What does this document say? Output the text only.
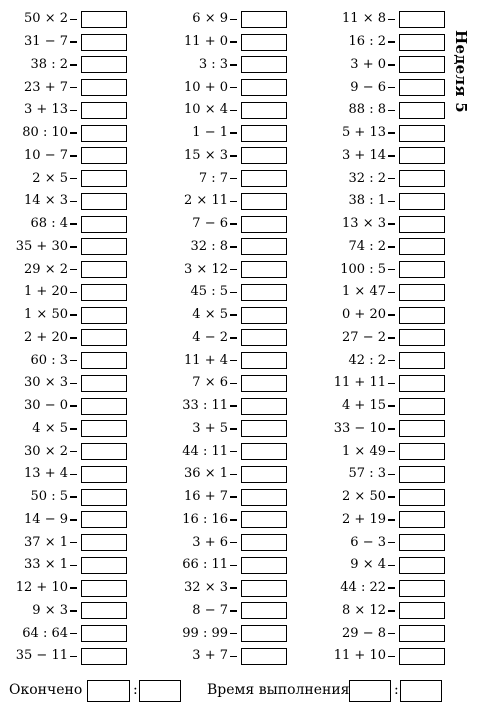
Неделя 5
50 × 2
31 − 7
38 : 2
23 + 7
3 + 13
80 : 10
10 − 7
2 × 5
14 × 3
68 : 4
35 + 30
29 × 2
1 + 20
1 × 50
2 + 20
60 : 3
30 × 3
30 − 0
4 × 5
30 × 2
13 + 4
50 : 5
14 − 9
37 × 1
33 × 1
12 + 10
9 × 3
64 : 64
35 − 11
6 × 9
11 + 0
3 : 3
10 + 0
10 × 4
1 − 1
15 × 3
7 : 7
2 × 11
7 − 6
32 : 8
3 × 12
45 : 5
4 × 5
4 − 2
11 + 4
7 × 6
33 : 11
3 + 5
44 : 11
36 × 1
16 + 7
16 : 16
3 + 6
66 : 11
32 × 3
8 − 7
99 : 99
3 + 7
11 × 8
16 : 2
3 + 0
9 − 6
88 : 8
5 + 13
3 + 14
32 : 2
38 : 1
13 × 3
74 : 2
100 : 5
1 × 47
0 + 20
27 − 2
42 : 2
11 + 11
4 + 15
33 − 10
1 × 49
57 : 3
2 × 50
2 + 19
6 − 3
9 × 4
44 : 22
8 × 12
29 − 8
11 + 10
Окончено	:	Время выполнения	:
